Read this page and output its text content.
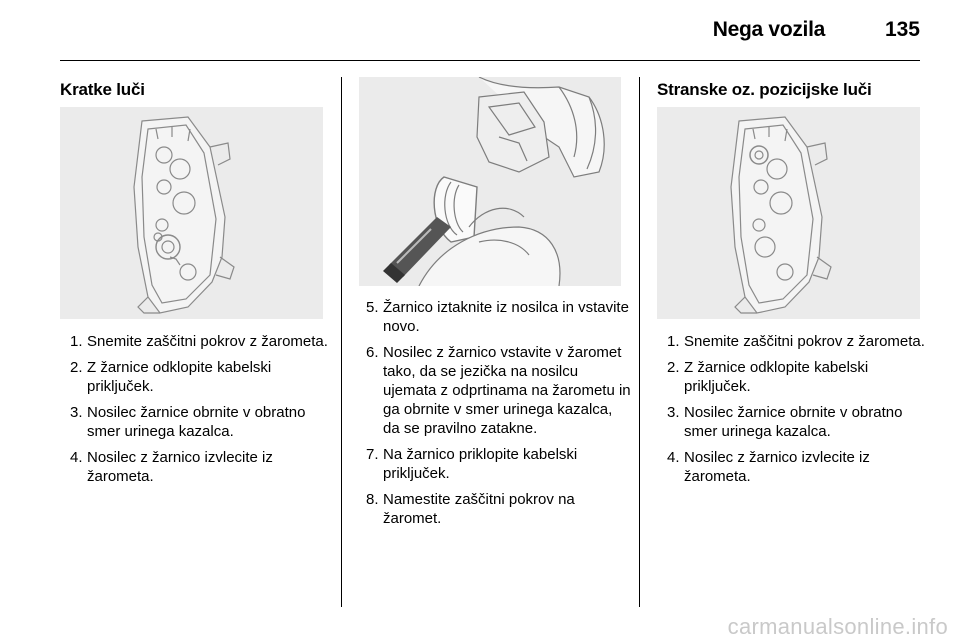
Nega vozila	135
Kratke luči
1 . Snemite zaščitni pokrov z žarometa.
2 . Z žarnice odklopite kabelski priključek.
3 . Nosilec žarnice obrnite v obratno smer urinega kazalca.
4 . Nosilec z žarnico izvlecite iz žarometa.
5 . Žarnico iztaknite iz nosilca in vstavite novo.
6 . Nosilec z žarnico vstavite v žaromet tako, da se jezička na nosilcu ujemata z odprtinama na žarometu in ga obrnite v smer urinega kazalca, da se pravilno zatakne.
7 . Na žarnico priklopite kabelski priključek.
8 . Namestite zaščitni pokrov na žaromet.
Stranske oz. pozicijske luči
1 . Snemite zaščitni pokrov z žarometa.
2 . Z žarnice odklopite kabelski priključek.
3 . Nosilec žarnice obrnite v obratno smer urinega kazalca.
4 . Nosilec z žarnico izvlecite iz žarometa.
carmanualsonline.info
